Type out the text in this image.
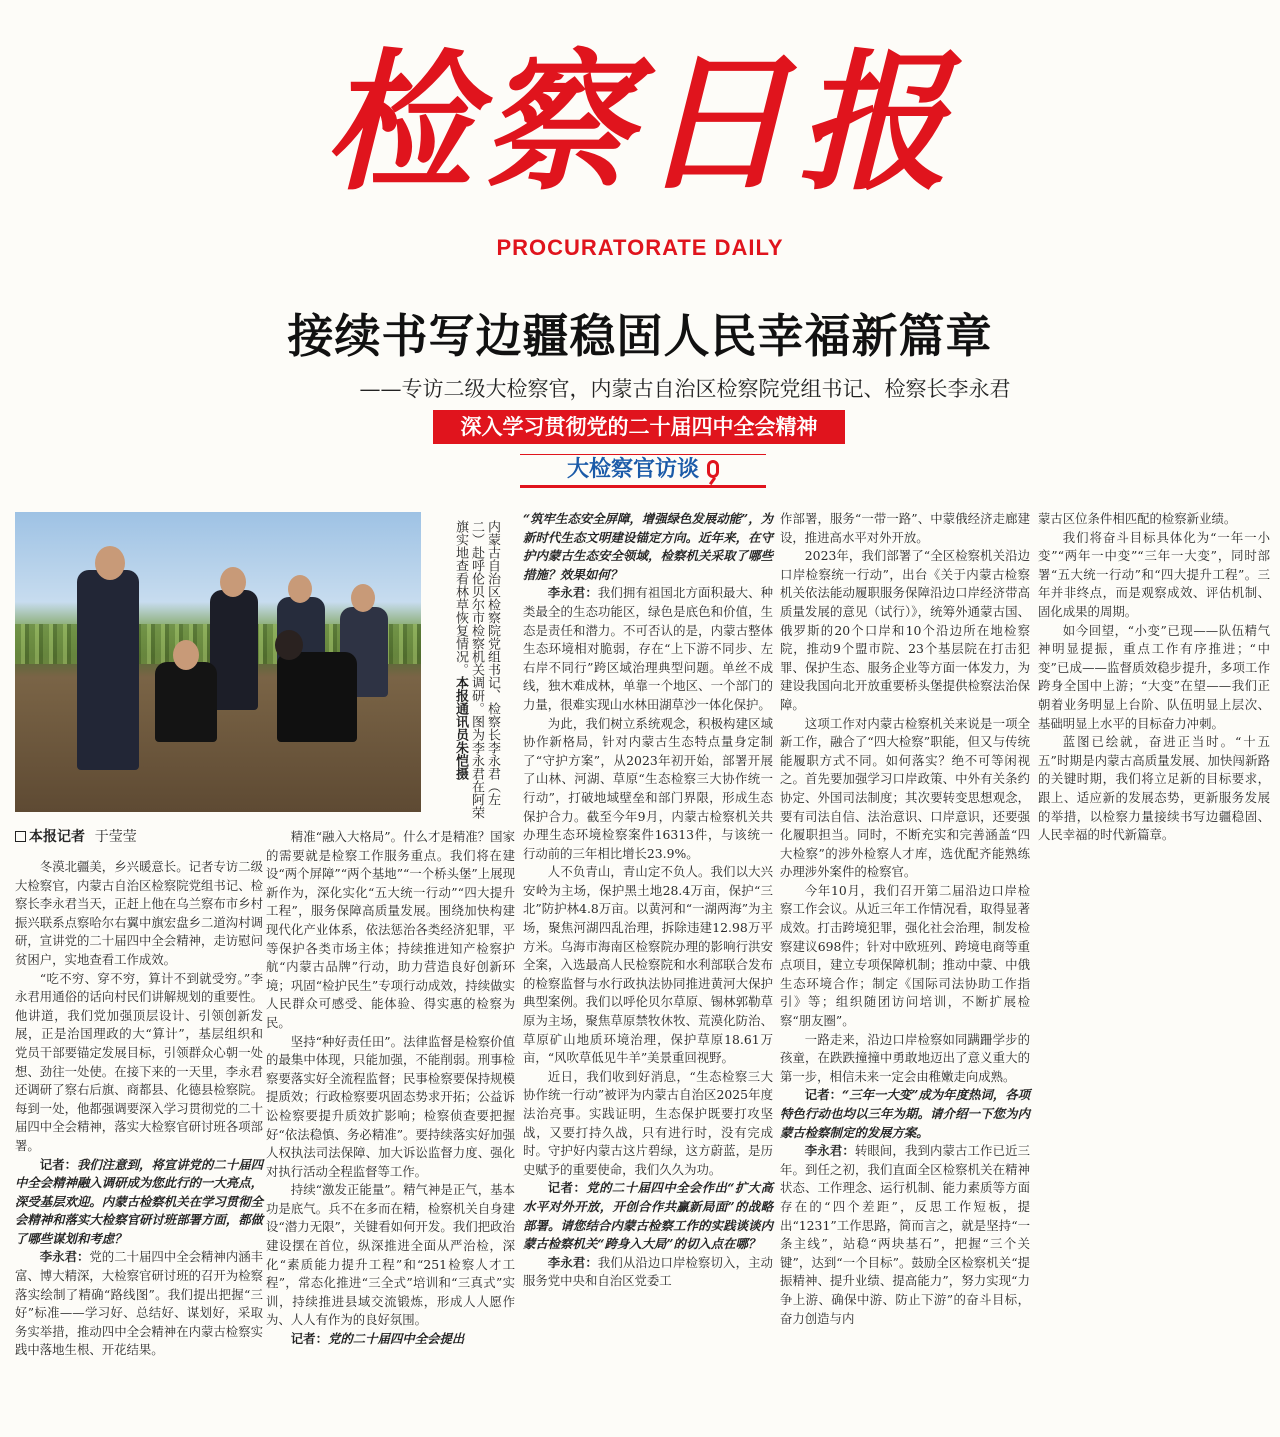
检察日报
PROCURATORATE DAILY
接续书写边疆稳固人民幸福新篇章
——专访二级大检察官，内蒙古自治区检察院党组书记、检察长李永君
深入学习贯彻党的二十届四中全会精神
大检察官访谈
内蒙古自治区检察院党组书记、检察长李永君（左二）赴呼伦贝尔市检察机关调研。图为李永君在阿荣旗实地查看林草恢复情况。本报通讯员朱恺摄
本报记者 于莹莹

冬漠北疆美，乡兴暖意长。记者专访二级大检察官，内蒙古自治区检察院党组书记、检察长李永君当天，正赶上他在乌兰察布市乡村振兴联系点察哈尔右翼中旗宏盘乡二道沟村调研，宣讲党的二十届四中全会精神，走访慰问贫困户，实地查看工作成效。

“吃不穷、穿不穷，算计不到就受穷。”李永君用通俗的话向村民们讲解规划的重要性。他讲道，我们党加强顶层设计、引领创新发展，正是治国理政的大“算计”，基层组织和党员干部要锚定发展目标，引领群众心朝一处想、劲往一处使。在接下来的一天里，李永君还调研了察右后旗、商都县、化德县检察院。每到一处，他都强调要深入学习贯彻党的二十届四中全会精神，落实大检察官研讨班各项部署。

记者：我们注意到，将宣讲党的二十届四中全会精神融入调研成为您此行的一大亮点，深受基层欢迎。内蒙古检察机关在学习贯彻全会精神和落实大检察官研讨班部署方面，都做了哪些谋划和考虑？

李永君：党的二十届四中全会精神内涵丰富、博大精深，大检察官研讨班的召开为检察落实绘制了精确“路线图”。我们提出把握“三好”标准——学习好、总结好、谋划好，采取务实举措，推动四中全会精神在内蒙古检察实践中落地生根、开花结果。

精准“融入大格局”。什么才是精准？国家的需要就是检察工作服务重点。我们将在建设“两个屏障”“两个基地”“一个桥头堡”上展现新作为，深化实化“五大统一行动”“四大提升工程”，服务保障高质量发展。围绕加快构建现代化产业体系，依法惩治各类经济犯罪，平等保护各类市场主体；持续推进知产检察护航“内蒙古品牌”行动，助力营造良好创新环境；巩固“检护民生”专项行动成效，持续做实人民群众可感受、能体验、得实惠的检察为民。

坚持“种好责任田”。法律监督是检察价值的最集中体现，只能加强，不能削弱。刑事检察要落实好全流程监督；民事检察要保持规模提质效；行政检察要巩固态势求开拓；公益诉讼检察要提升质效扩影响；检察侦查要把握好“依法稳慎、务必精准”。要持续落实好加强人权执法司法保障、加大诉讼监督力度、强化对执行活动全程监督等工作。

持续“激发正能量”。精气神是正气，基本功是底气。兵不在多而在精，检察机关自身建设“潜力无限”，关键看如何开发。我们把政治建设摆在首位，纵深推进全面从严治检，深化“素质能力提升工程”和“251检察人才工程”，常态化推进“三全式”培训和“三真式”实训，持续推进县域交流锻炼，形成人人愿作为、人人有作为的良好氛围。

记者：党的二十届四中全会提出

“筑牢生态安全屏障，增强绿色发展动能”，为新时代生态文明建设锚定方向。近年来，在守护内蒙古生态安全领域，检察机关采取了哪些措施？效果如何？

李永君：我们拥有祖国北方面积最大、种类最全的生态功能区，绿色是底色和价值，生态是责任和潜力。不可否认的是，内蒙古整体生态环境相对脆弱，存在“上下游不同步、左右岸不同行”跨区域治理典型问题。单丝不成线，独木难成林，单靠一个地区、一个部门的力量，很难实现山水林田湖草沙一体化保护。

为此，我们树立系统观念，积极构建区域协作新格局，针对内蒙古生态特点量身定制了“守护方案”，从2023年初开始，部署开展了山林、河湖、草原“生态检察三大协作统一行动”，打破地域壁垒和部门界限，形成生态保护合力。截至今年9月，内蒙古检察机关共办理生态环境检察案件16313件，与该统一行动前的三年相比增长23.9%。

人不负青山，青山定不负人。我们以大兴安岭为主场，保护黑土地28.4万亩，保护“三北”防护林4.8万亩。以黄河和“一湖两海”为主场，聚焦河湖四乱治理，拆除违建12.98万平方米。乌海市海南区检察院办理的影响行洪安全案，入选最高人民检察院和水利部联合发布的检察监督与水行政执法协同推进黄河大保护典型案例。我们以呼伦贝尔草原、锡林郭勒草原为主场，聚焦草原禁牧休牧、荒漠化防治、草原矿山地质环境治理，保护草原18.61万亩，“风吹草低见牛羊”美景重回视野。

近日，我们收到好消息，“生态检察三大协作统一行动”被评为内蒙古自治区2025年度法治亮事。实践证明，生态保护既要打攻坚战，又要打持久战，只有进行时，没有完成时。守护好内蒙古这片碧绿，这方蔚蓝，是历史赋予的重要使命，我们久久为功。

记者：党的二十届四中全会作出“扩大高水平对外开放，开创合作共赢新局面”的战略部署。请您结合内蒙古检察工作的实践谈谈内蒙古检察机关“跨身入大局”的切入点在哪？

李永君：我们从沿边口岸检察切入，主动服务党中央和自治区党委工

作部署，服务“一带一路”、中蒙俄经济走廊建设，推进高水平对外开放。

2023年，我们部署了“全区检察机关沿边口岸检察统一行动”，出台《关于内蒙古检察机关依法能动履职服务保障沿边口岸经济带高质量发展的意见（试行）》，统筹外通蒙古国、俄罗斯的20个口岸和10个沿边所在地检察院，推动9个盟市院、23个基层院在打击犯罪、保护生态、服务企业等方面一体发力，为建设我国向北开放重要桥头堡提供检察法治保障。

这项工作对内蒙古检察机关来说是一项全新工作，融合了“四大检察”职能，但又与传统能履职方式不同。如何落实？绝不可等闲视之。首先要加强学习口岸政策、中外有关条约协定、外国司法制度；其次要转变思想观念，要有司法自信、法治意识、口岸意识，还要强化履职担当。同时，不断充实和完善涵盖“四大检察”的涉外检察人才库，选优配齐能熟练办理涉外案件的检察官。

今年10月，我们召开第二届沿边口岸检察工作会议。从近三年工作情况看，取得显著成效。打击跨境犯罪，强化社会治理，制发检察建议698件；针对中欧班列、跨境电商等重点项目，建立专项保障机制；推动中蒙、中俄生态环境合作；制定《国际司法协助工作指引》等；组织随团访问培训，不断扩展检察“朋友圈”。

一路走来，沿边口岸检察如同蹒跚学步的孩童，在跌跌撞撞中勇敢地迈出了意义重大的第一步，相信未来一定会由稚嫩走向成熟。

记者：“三年一大变”成为年度热词，各项特色行动也均以三年为期。请介绍一下您为内蒙古检察制定的发展方案。

李永君：转眼间，我到内蒙古工作已近三年。到任之初，我们直面全区检察机关在精神状态、工作理念、运行机制、能力素质等方面存在的“四个差距”，反思工作短板，提出“1231”工作思路，简而言之，就是坚持“一条主线”，站稳“两块基石”，把握“三个关键”，达到“一个目标”。鼓励全区检察机关“提振精神、提升业绩、提高能力”，努力实现“力争上游、确保中游、防止下游”的奋斗目标，奋力创造与内

蒙古区位条件相匹配的检察新业绩。

我们将奋斗目标具体化为“一年一小变”“两年一中变”“三年一大变”，同时部署“五大统一行动”和“四大提升工程”。三年并非终点，而是观察成效、评估机制、固化成果的周期。

如今回望，“小变”已现——队伍精气神明显提振，重点工作有序推进；“中变”已成——监督质效稳步提升，多项工作跨身全国中上游；“大变”在望——我们正朝着业务明显上台阶、队伍明显上层次、基础明显上水平的目标奋力冲刺。

蓝图已绘就，奋进正当时。“十五五”时期是内蒙古高质量发展、加快闯新路的关键时期，我们将立足新的目标要求，跟上、适应新的发展态势，更新服务发展的举措，以检察力量接续书写边疆稳固、人民幸福的时代新篇章。
